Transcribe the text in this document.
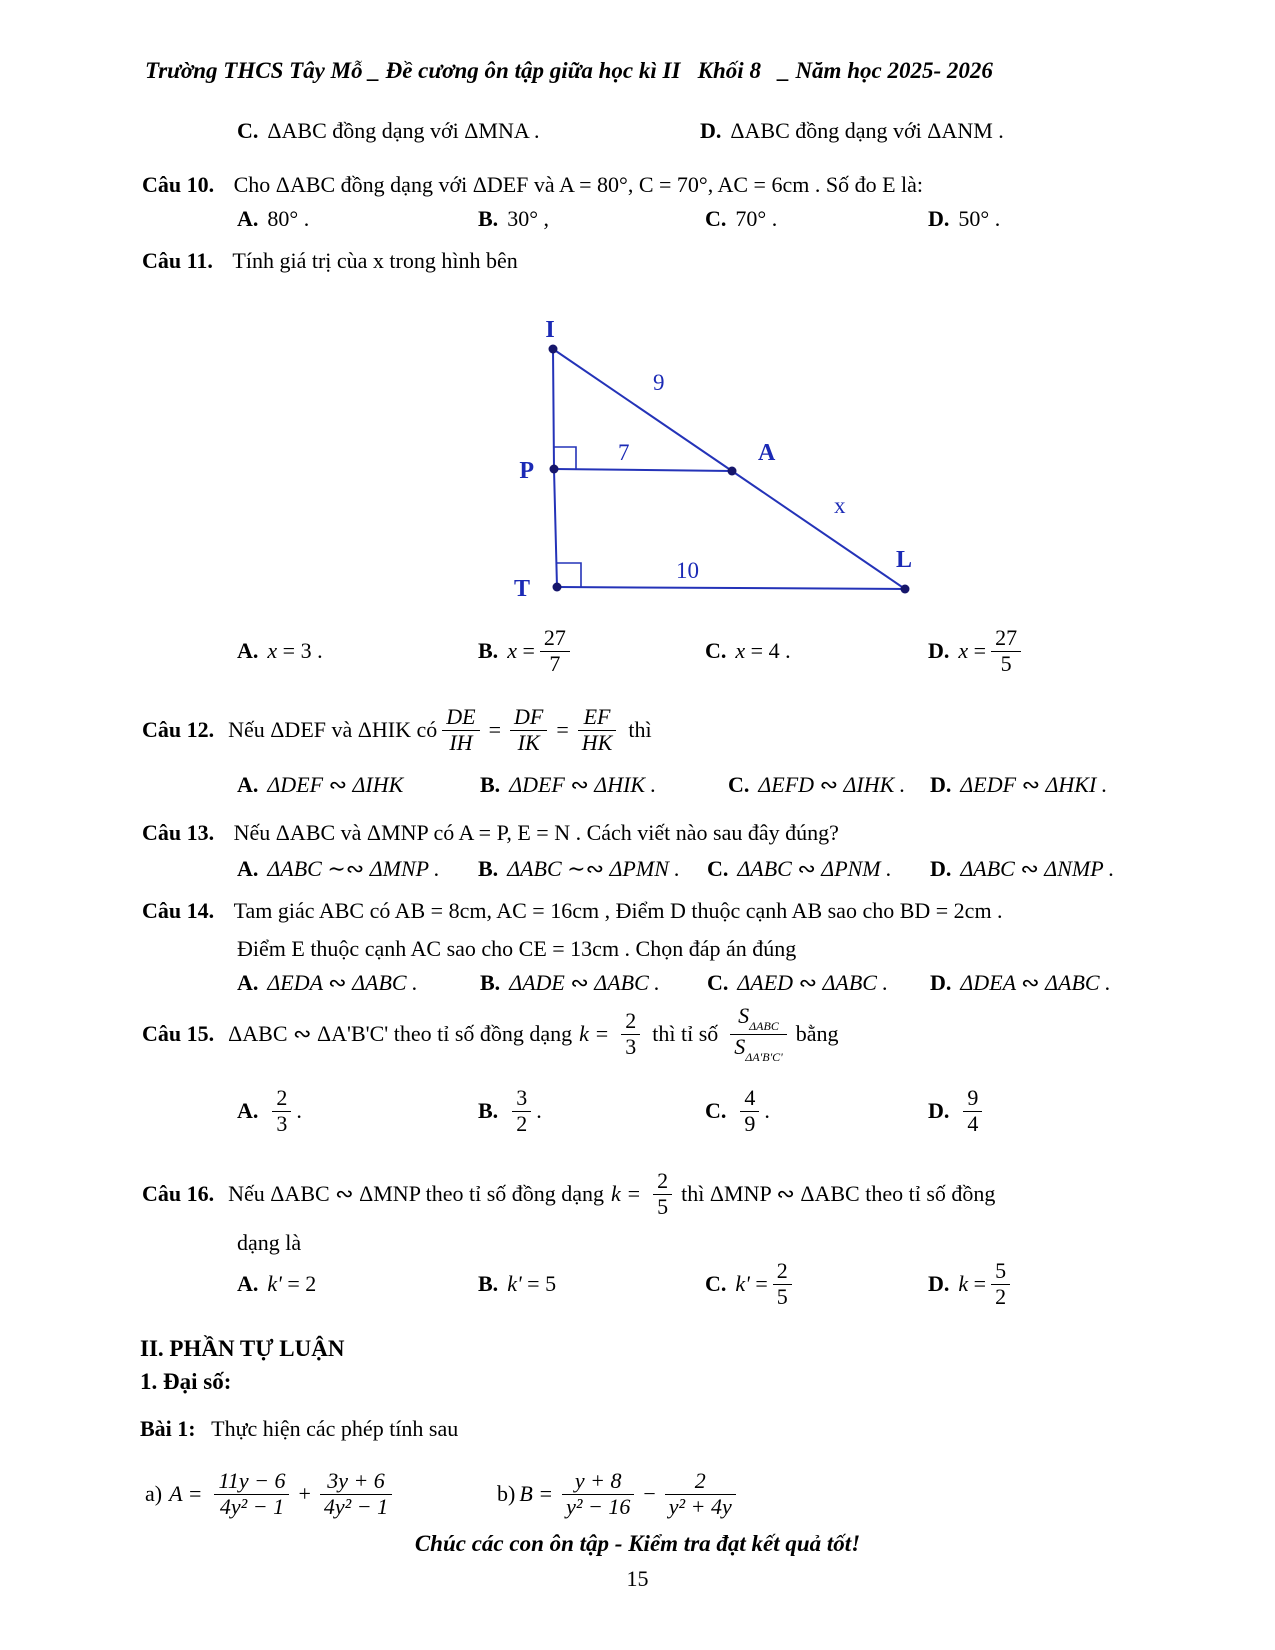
Trường THCS Tây Mỗ _ Đề cương ôn tập giữa học kì II   Khối 8   _ Năm học 2025- 2026
C. ΔABC đồng dạng với ΔMNA .	D. ΔABC đồng dạng với ΔANM .
Câu 10. Cho ΔABC đồng dạng với ΔDEF và A = 80°, C = 70°, AC = 6cm . Số đo E là:
A. 80° .	B. 30° ,	C. 70° .	D. 50° .
Câu 11. Tính giá trị cùa x trong hình bên
I
P
T
A
L
9
7
10
x
A. x = 3 .	B. $x = \frac{27}{7}$	C. x = 4 .	D. $x = \frac{27}{5}$
Câu 12. Nếu ΔDEF và ΔHIK có $\frac{DE}{IH} = \frac{DF}{IK} = \frac{EF}{HK}$ thì
A. ΔDEF ∾ ΔIHK	B. ΔDEF ∾ ΔHIK .	C. ΔEFD ∾ ΔIHK . D. ΔEDF ∾ ΔHKI .
Câu 13. Nếu ΔABC và ΔMNP có A = P, E = N . Cách viết nào sau đây đúng?
A. ΔABC ∼∾ ΔMNP . B. ΔABC ∼∾ ΔPMN . C. ΔABC ∾ ΔPNM . D. ΔABC ∾ ΔNMP .
Câu 14. Tam giác ABC có AB = 8cm, AC = 16cm , Điểm D thuộc cạnh AB sao cho BD = 2cm .
Điểm E thuộc cạnh AC sao cho CE = 13cm . Chọn đáp án đúng
A. ΔEDA ∾ ΔABC .	B. ΔADE ∾ ΔABC . C. ΔAED ∾ ΔABC . D. ΔDEA ∾ ΔABC .
Câu 15. ΔABC ∾ ΔA'B'C' theo tỉ số đồng dạng $k = \frac{2}{3}$ thì tỉ số $\frac{S_{\Delta ABC}}{S_{\Delta A'B'C'}}$ bằng
A. $\frac{2}{3}$ .	B. $\frac{3}{2}$ .	C. $\frac{4}{9}$ .	D. $\frac{9}{4}$
Câu 16. Nếu ΔABC ∾ ΔMNP theo tỉ số đồng dạng $k = \frac{2}{5}$ thì ΔMNP ∾ ΔABC theo tỉ số đồng
dạng là
A. k' = 2	B. k' = 5	C. $k' = \frac{2}{5}$	D. $k = \frac{5}{2}$
II. PHẦN TỰ LUẬN
1. Đại số:
Bài 1: Thực hiện các phép tính sau
a) $A = \frac{11y - 6}{\text{4y² − 1}} + \frac{3y + 6}{\text{4y² − 1}}$	b) $B = \frac{y + 8}{\text{y² − 16}} - \frac{2}{\text{y² + 4y}}$
Chúc các con ôn tập - Kiểm tra đạt kết quả tốt!
15
